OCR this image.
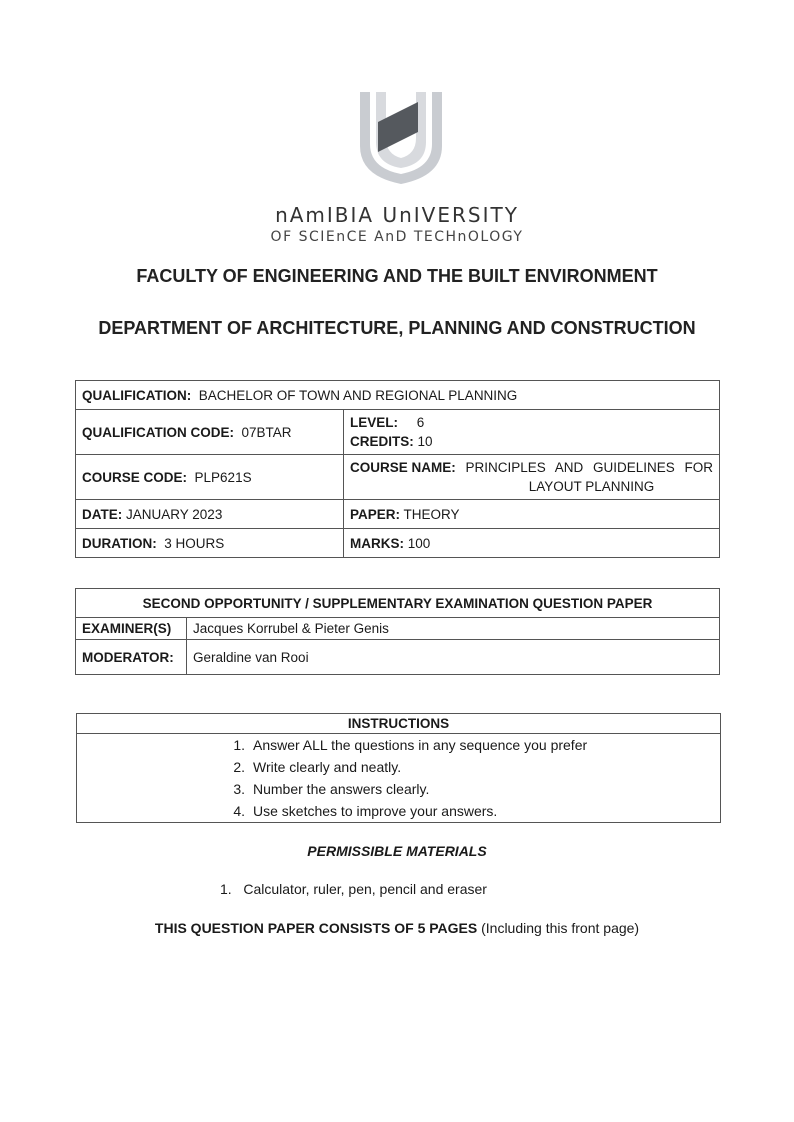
nAmIBIA UnIVERSITY
OF SCIEnCE AnD TECHnOLOGY
FACULTY OF ENGINEERING AND THE BUILT ENVIRONMENT
DEPARTMENT OF ARCHITECTURE, PLANNING AND CONSTRUCTION
QUALIFICATION: BACHELOR OF TOWN AND REGIONAL PLANNING	
QUALIFICATION CODE: 07BTAR	LEVEL: 6
CREDITS: 10
COURSE CODE: PLP621S	COURSE NAME: PRINCIPLES AND GUIDELINES FOR
LAYOUT PLANNING

DATE: JANUARY 2023	PAPER: THEORY
DURATION: 3 HOURS	MARKS: 100
SECOND OPPORTUNITY / SUPPLEMENTARY EXAMINATION QUESTION PAPER	
EXAMINER(S)	Jacques Korrubel & Pieter Genis
MODERATOR:	Geraldine van Rooi
INSTRUCTIONS

1. Answer ALL the questions in any sequence you prefer
2. Write clearly and neatly.
3. Number the answers clearly.
4. Use sketches to improve your answers.
PERMISSIBLE MATERIALS
1. Calculator, ruler, pen, pencil and eraser
THIS QUESTION PAPER CONSISTS OF 5 PAGES (Including this front page)
